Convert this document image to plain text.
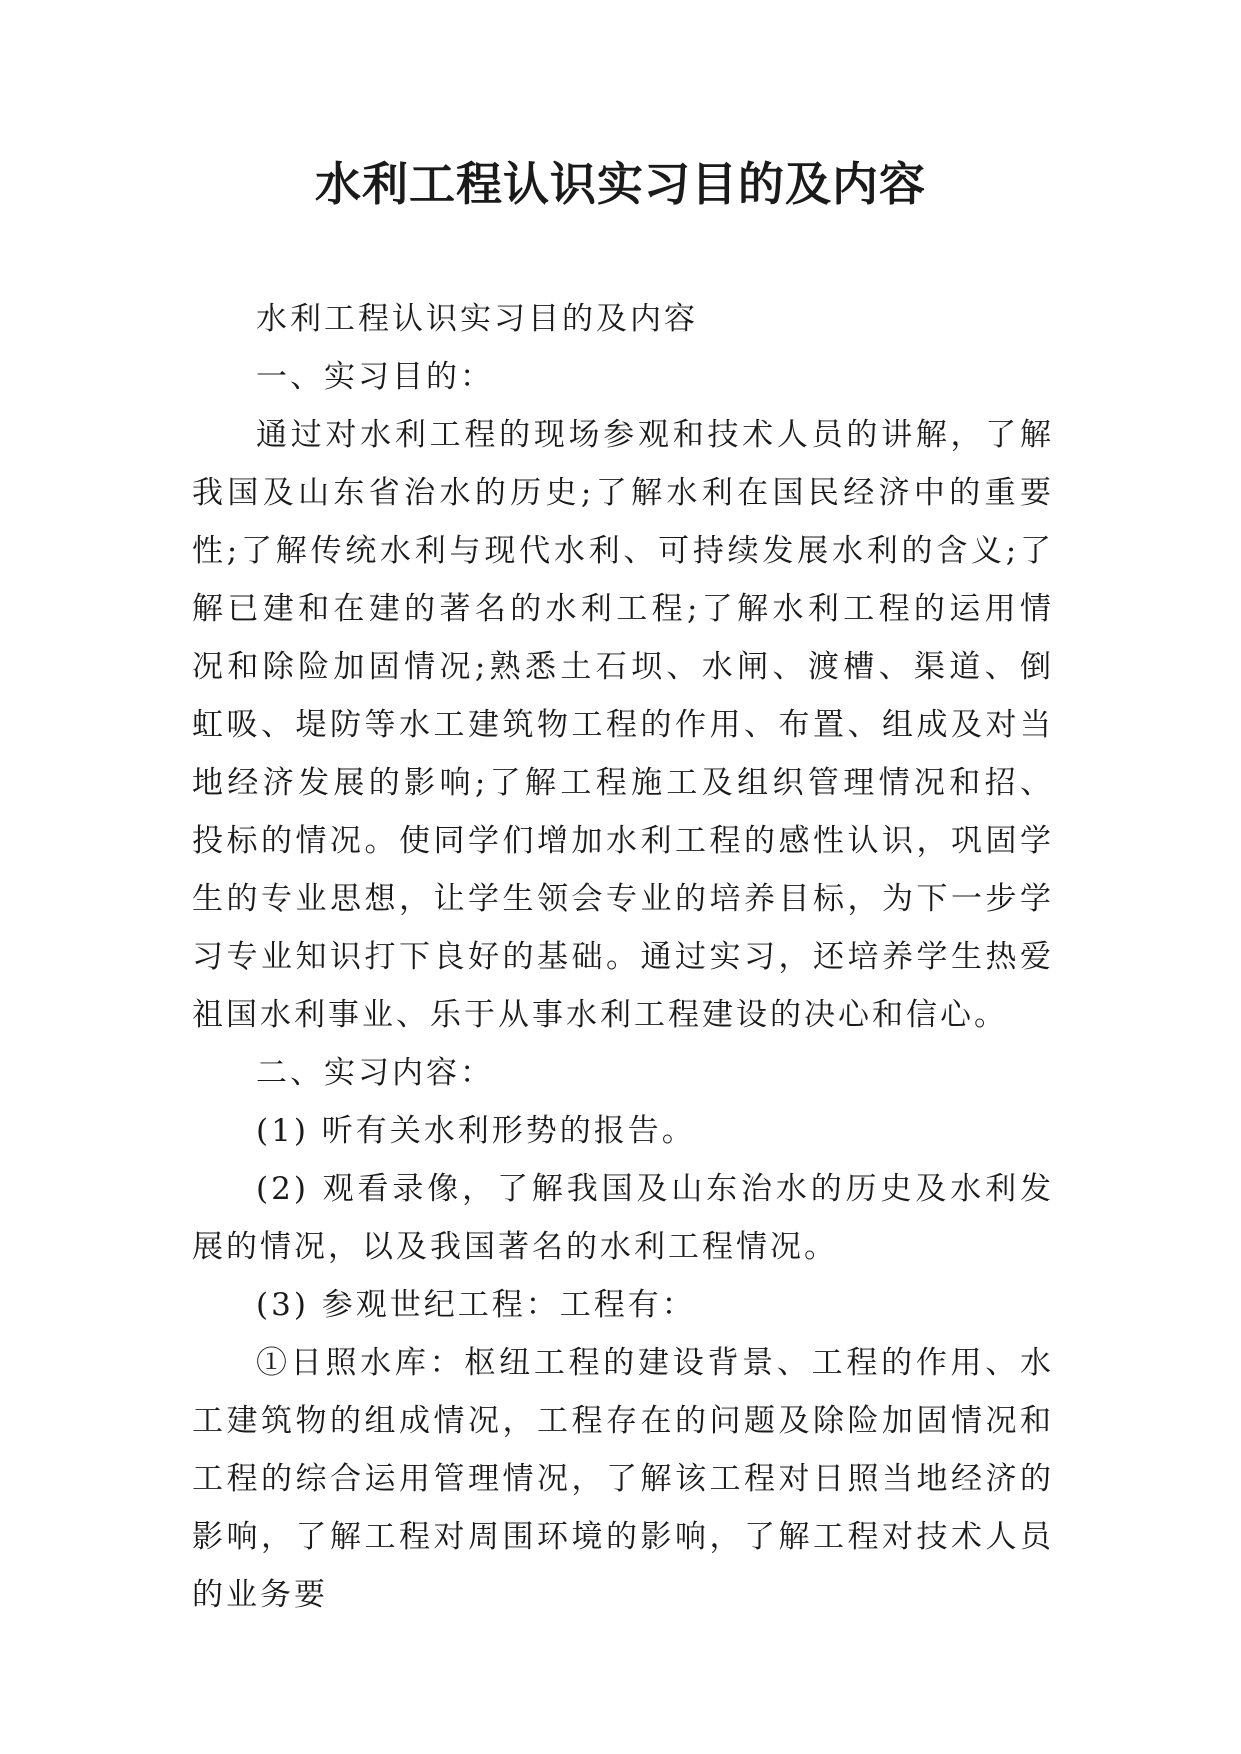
水利工程认识实习目的及内容

水利工程认识实习目的及内容

一、实习目的：

通过对水利工程的现场参观和技术人员的讲解，了解我国及山东省治水的历史;了解水利在国民经济中的重要性;了解传统水利与现代水利、可持续发展水利的含义;了解已建和在建的著名的水利工程;了解水利工程的运用情况和除险加固情况;熟悉土石坝、水闸、渡槽、渠道、倒虹吸、堤防等水工建筑物工程的作用、布置、组成及对当地经济发展的影响;了解工程施工及组织管理情况和招、投标的情况。使同学们增加水利工程的感性认识，巩固学生的专业思想，让学生领会专业的培养目标，为下一步学习专业知识打下良好的基础。通过实习，还培养学生热爱祖国水利事业、乐于从事水利工程建设的决心和信心。

二、实习内容：

(1) 听有关水利形势的报告。

(2) 观看录像，了解我国及山东治水的历史及水利发展的情况，以及我国著名的水利工程情况。

(3) 参观世纪工程：工程有：

①日照水库：枢纽工程的建设背景、工程的作用、水工建筑物的组成情况，工程存在的问题及除险加固情况和工程的综合运用管理情况，了解该工程对日照当地经济的影响，了解工程对周围环境的影响，了解工程对技术人员的业务要
